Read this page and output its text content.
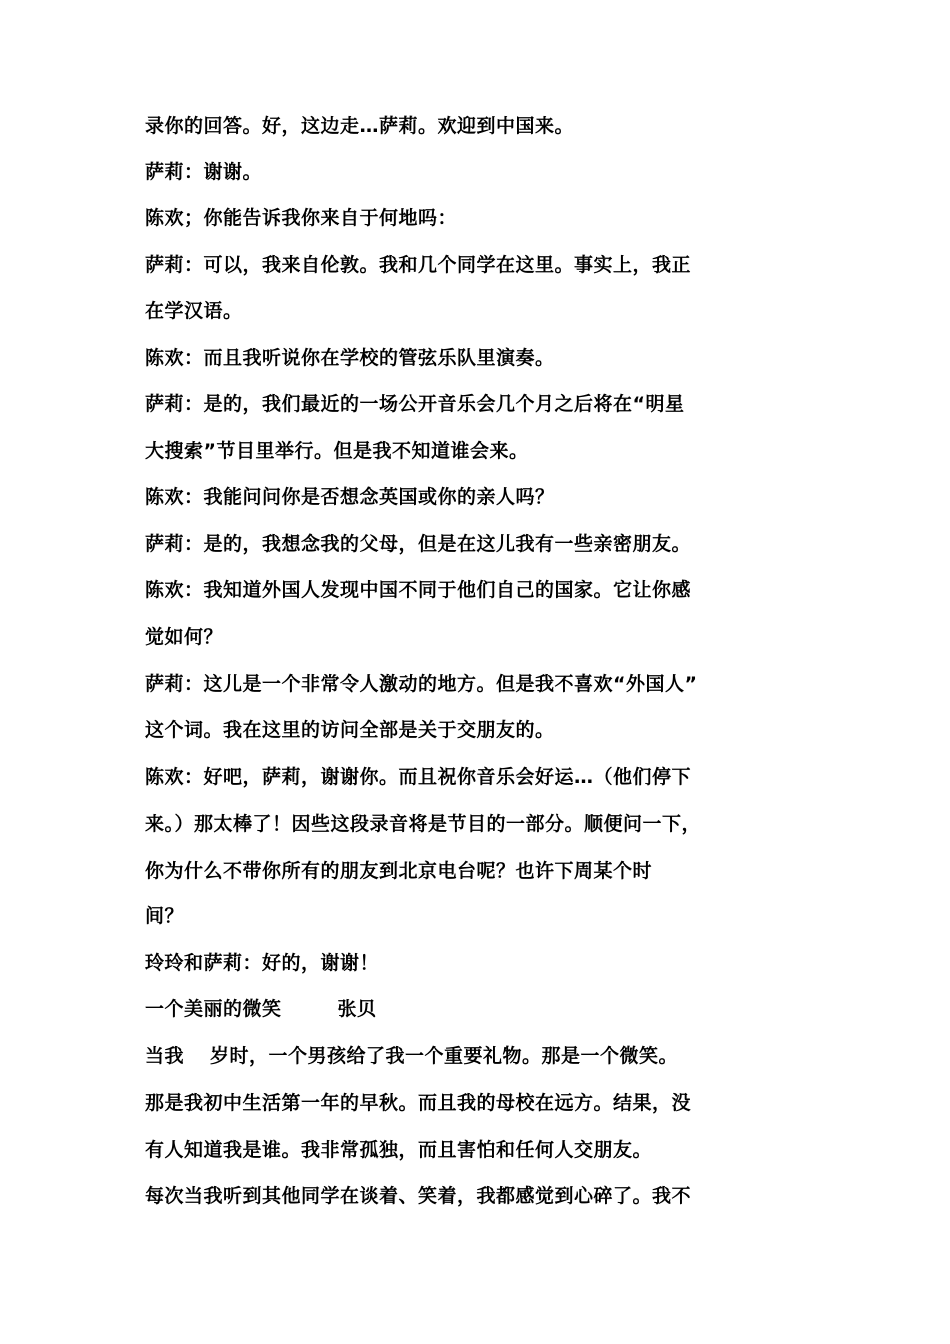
录你的回答。好，这边走…萨莉。欢迎到中国来。
萨莉：谢谢。
陈欢；你能告诉我你来自于何地吗：
萨莉：可以，我来自伦敦。我和几个同学在这里。事实上，我正
在学汉语。
陈欢：而且我听说你在学校的管弦乐队里演奏。
萨莉：是的，我们最近的一场公开音乐会几个月之后将在“明星
大搜索”节目里举行。但是我不知道谁会来。
陈欢：我能问问你是否想念英国或你的亲人吗？
萨莉：是的，我想念我的父母，但是在这儿我有一些亲密朋友。
陈欢：我知道外国人发现中国不同于他们自己的国家。它让你感
觉如何？
萨莉：这儿是一个非常令人激动的地方。但是我不喜欢“外国人”
这个词。我在这里的访问全部是关于交朋友的。
陈欢：好吧，萨莉，谢谢你。而且祝你音乐会好运…（他们停下
来。）那太棒了！因些这段录音将是节目的一部分。顺便问一下，
你为什么不带你所有的朋友到北京电台呢？也许下周某个时
间？
玲玲和萨莉：好的，谢谢！
一个美丽的微笑	张贝
当我 岁时，一个男孩给了我一个重要礼物。那是一个微笑。
那是我初中生活第一年的早秋。而且我的母校在远方。结果，没
有人知道我是谁。我非常孤独，而且害怕和任何人交朋友。
每次当我听到其他同学在谈着、笑着，我都感觉到心碎了。我不
